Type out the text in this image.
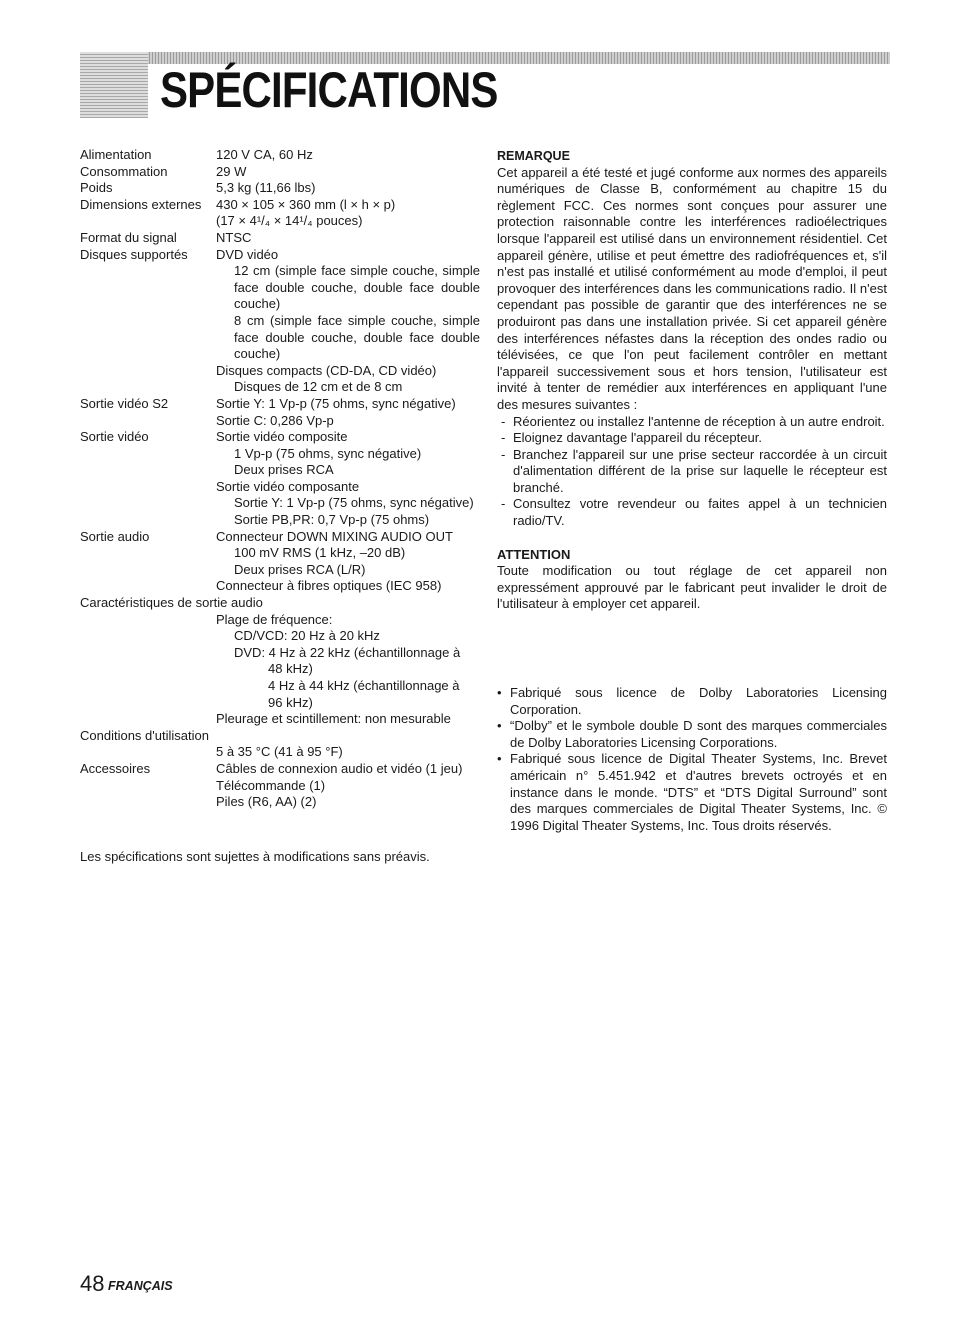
SPÉCIFICATIONS
120 V CA, 60 Hz
Alimentation
29 W
Consommation
5,3 kg (11,66 lbs)
Poids
430 × 105 × 360 mm (l × h × p)
Dimensions externes
(17 × 4¹/₄ × 14¹/₄ pouces)
NTSC
Format du signal
DVD vidéo
Disques supportés
12 cm (simple face simple couche, simple face double couche, double face double couche)
8 cm (simple face simple couche, simple face double couche, double face double couche)
Disques compacts (CD-DA, CD vidéo)
Disques de 12 cm et de 8 cm
Sortie Y: 1 Vp-p (75 ohms, sync négative)
Sortie vidéo S2
Sortie C: 0,286 Vp-p
Sortie vidéo composite
Sortie vidéo
1 Vp-p (75 ohms, sync négative)
Deux prises RCA
Sortie vidéo composante
Sortie Y: 1 Vp-p (75 ohms, sync négative)
Sortie PB,PR: 0,7 Vp-p (75 ohms)
Connecteur DOWN MIXING AUDIO OUT
Sortie audio
100 mV RMS (1 kHz, –20 dB)
Deux prises RCA (L/R)
Connecteur à fibres optiques (IEC 958)
Caractéristiques de sortie audio
Plage de fréquence:
CD/VCD: 20 Hz à 20 kHz
DVD: 4 Hz à 22 kHz (échantillonnage à
48 kHz)
4 Hz à 44 kHz (échantillonnage à
96 kHz)
Pleurage et scintillement: non mesurable
Conditions d'utilisation
5 à 35 °C (41 à 95 °F)
Câbles de connexion audio et vidéo (1 jeu)
Accessoires
Télécommande (1)
Piles (R6, AA) (2)
Les spécifications sont sujettes à modifications sans préavis.
REMARQUE

Cet appareil a été testé et jugé conforme aux normes des appareils numériques de Classe B, conformément au chapitre 15 du règlement FCC. Ces normes sont conçues pour assurer une protection raisonnable contre les interférences radioélectriques lorsque l'appareil est utilisé dans un environnement résidentiel. Cet appareil génère, utilise et peut émettre des radiofréquences et, s'il n'est pas installé et utilisé conformément au mode d'emploi, il peut provoquer des interférences dans les communications radio. Il n'est cependant pas possible de garantir que des interférences ne se produiront pas dans une installation privée. Si cet appareil génère des interférences néfastes dans la réception des ondes radio ou télévisées, ce que l'on peut facilement contrôler en mettant l'appareil successivement sous et hors tension, l'utilisateur est invité à tenter de remédier aux interférences en appliquant l'une des mesures suivantes :

- Réorientez ou installez l'antenne de réception à un autre endroit.
- Eloignez davantage l'appareil du récepteur.
- Branchez l'appareil sur une prise secteur raccordée à un circuit d'alimentation différent de la prise sur laquelle le récepteur est branché.
- Consultez votre revendeur ou faites appel à un technicien radio/TV.
ATTENTION

Toute modification ou tout réglage de cet appareil non expressément approuvé par le fabricant peut invalider le droit de l'utilisateur à employer cet appareil.

• Fabriqué sous licence de Dolby Laboratories Licensing Corporation.
• “Dolby” et le symbole double D sont des marques commerciales de Dolby Laboratories Licensing Corporations.
• Fabriqué sous licence de Digital Theater Systems, Inc. Brevet américain n° 5.451.942 et d'autres brevets octroyés et en instance dans le monde. “DTS” et “DTS Digital Surround” sont des marques commerciales de Digital Theater Systems, Inc. © 1996 Digital Theater Systems, Inc. Tous droits réservés.
48 FRANÇAIS
